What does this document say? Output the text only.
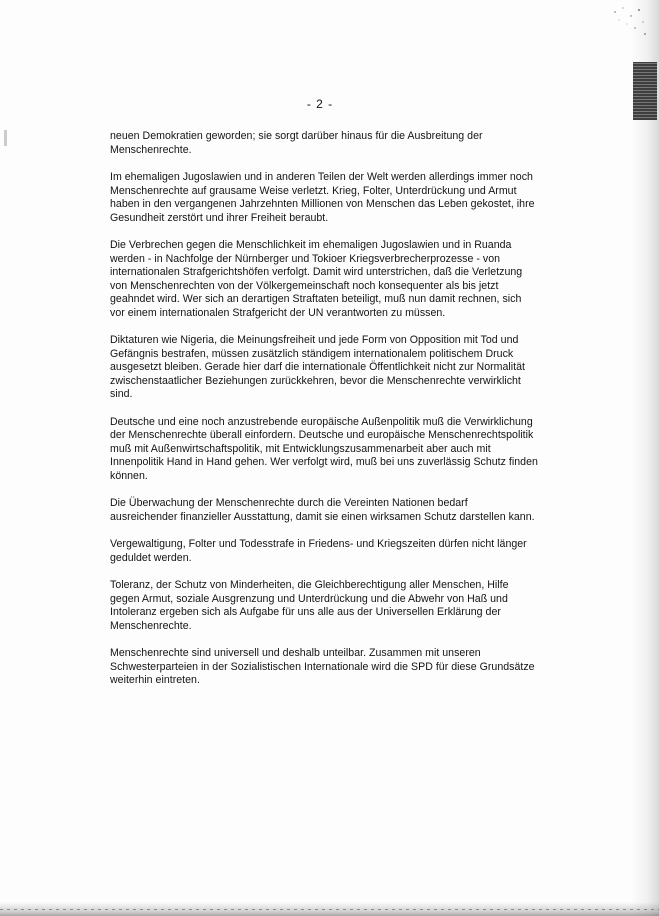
- 2 -

neuen Demokratien geworden; sie sorgt darüber hinaus für die Ausbreitung der Menschenrechte.

Im ehemaligen Jugoslawien und in anderen Teilen der Welt werden allerdings immer noch Menschenrechte auf grausame Weise verletzt. Krieg, Folter, Unterdrückung und Armut haben in den vergangenen Jahrzehnten Millionen von Menschen das Leben gekostet, ihre Gesundheit zerstört und ihrer Freiheit beraubt.

Die Verbrechen gegen die Menschlichkeit im ehemaligen Jugoslawien und in Ruanda werden - in Nachfolge der Nürnberger und Tokioer Kriegsverbrecherprozesse - von internationalen Strafgerichtshöfen verfolgt. Damit wird unterstrichen, daß die Verletzung von Menschenrechten von der Völkergemeinschaft noch konsequenter als bis jetzt geahndet wird. Wer sich an derartigen Straftaten beteiligt, muß nun damit rechnen, sich vor einem internationalen Strafgericht der UN verantworten zu müssen.

Diktaturen wie Nigeria, die Meinungsfreiheit und jede Form von Opposition mit Tod und Gefängnis bestrafen, müssen zusätzlich ständigem internationalem politischem Druck ausgesetzt bleiben. Gerade hier darf die internationale Öffentlichkeit nicht zur Normalität zwischenstaatlicher Beziehungen zurückkehren, bevor die Menschenrechte verwirklicht sind.

Deutsche und eine noch anzustrebende europäische Außenpolitik muß die Verwirklichung der Menschenrechte überall einfordern. Deutsche und europäische Menschenrechtspolitik muß mit Außenwirtschaftspolitik, mit Entwicklungszusammenarbeit aber auch mit Innenpolitik Hand in Hand gehen. Wer verfolgt wird, muß bei uns zuverlässig Schutz finden können.

Die Überwachung der Menschenrechte durch die Vereinten Nationen bedarf ausreichender finanzieller Ausstattung, damit sie einen wirksamen Schutz darstellen kann.

Vergewaltigung, Folter und Todesstrafe in Friedens- und Kriegszeiten dürfen nicht länger geduldet werden.

Toleranz, der Schutz von Minderheiten, die Gleichberechtigung aller Menschen, Hilfe gegen Armut, soziale Ausgrenzung und Unterdrückung und die Abwehr von Haß und Intoleranz ergeben sich als Aufgabe für uns alle aus der Universellen Erklärung der Menschenrechte.

Menschenrechte sind universell und deshalb unteilbar. Zusammen mit unseren Schwesterparteien in der Sozialistischen Internationale wird die SPD für diese Grundsätze weiterhin eintreten.
